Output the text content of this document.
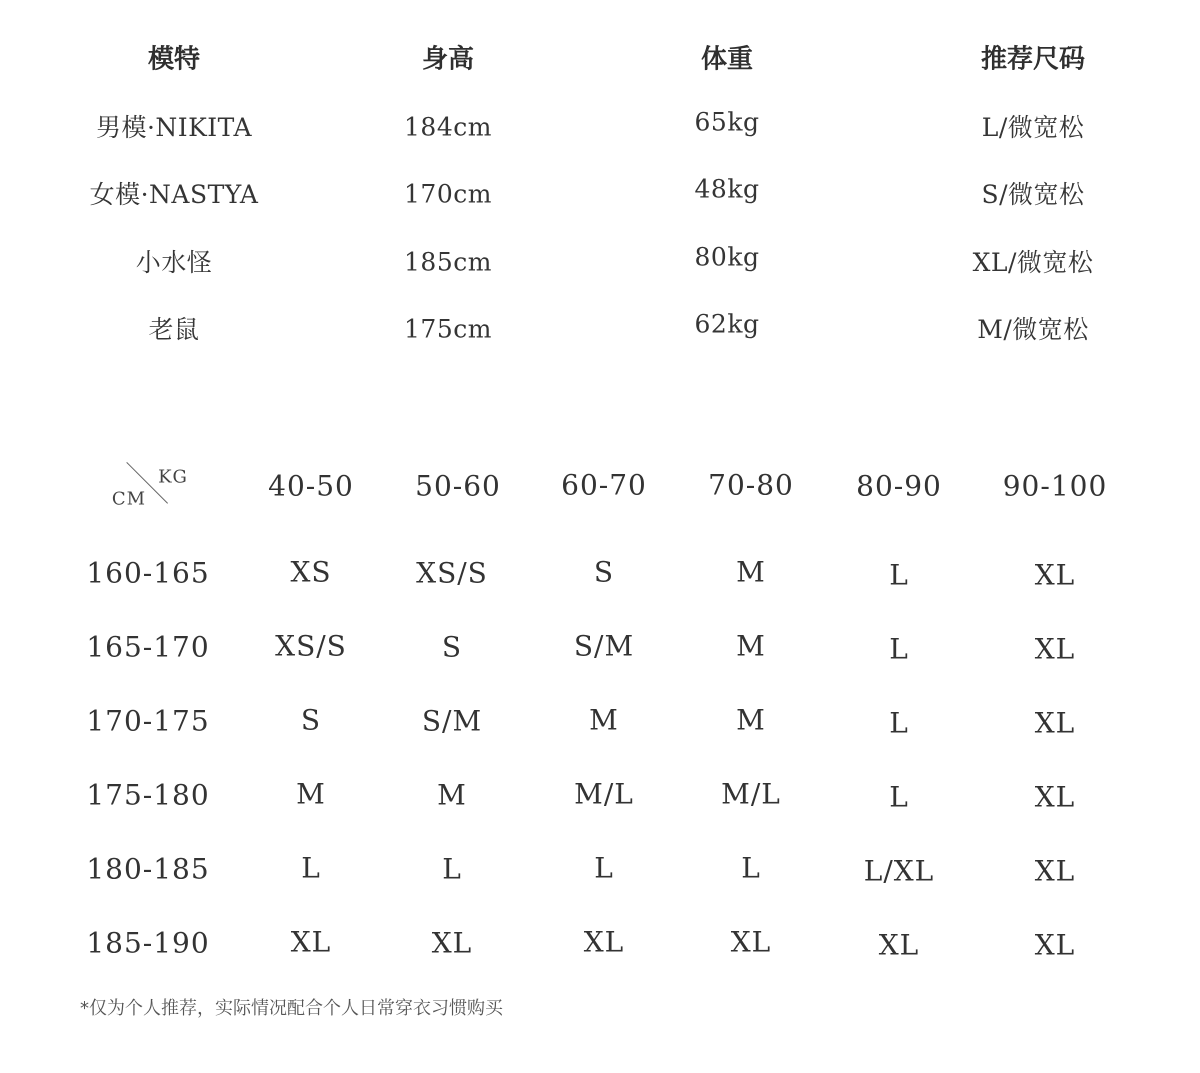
模特	身高	体重	推荐尺码
男模·NIKITA	184cm	65kg	L/微宽松
女模·NASTYA	170cm	48kg	S/微宽松
小水怪	185cm	80kg	XL/微宽松
老鼠	175cm	62kg	M/微宽松
KG
CM	40-50 50-60 60-70 70-80 80-90 90-100
160-165	XS	XS/S	S	M	L	XL
165-170 XS/S	S	S/M	M	L	XL
170-175	S	S/M	M	M	L	XL
175-180	M	M	M/L	M/L	L	XL
180-185	L	L	L	L	L/XL	XL
185-190	XL	XL	XL	XL	XL	XL
*仅为个人推荐，实际情况配合个人日常穿衣习惯购买
